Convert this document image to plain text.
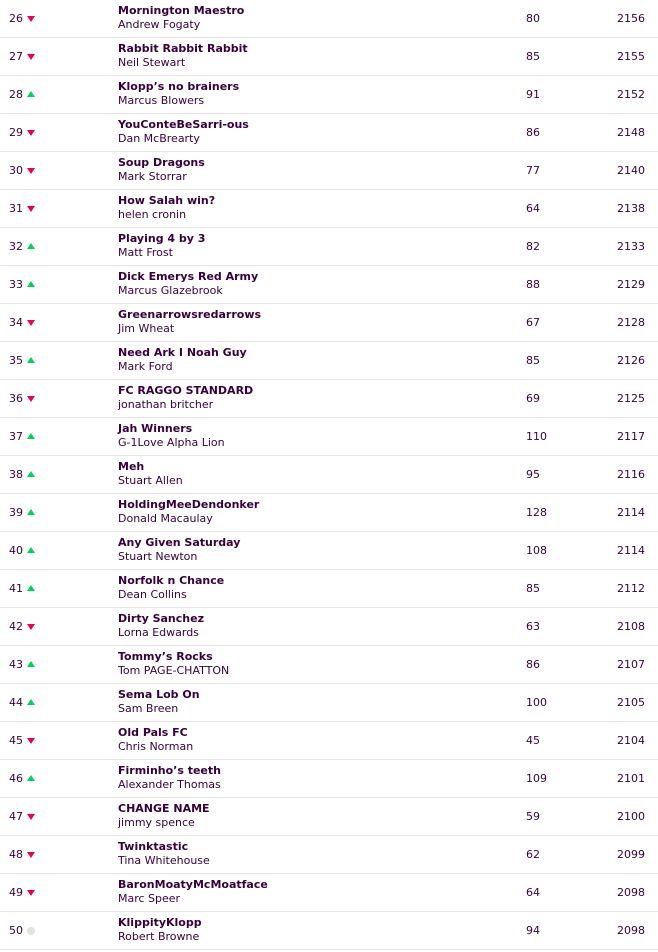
26
Mornington Maestro
Andrew Fogaty	80	2156
27
Rabbit Rabbit Rabbit
Neil Stewart	85	2155
28
Klopp’s no brainers
Marcus Blowers	91	2152
29
YouConteBeSarri-ous
Dan McBrearty	86	2148
30
Soup Dragons
Mark Storrar	77	2140
31
How Salah win?
helen cronin	64	2138
32
Playing 4 by 3
Matt Frost	82	2133
33
Dick Emerys Red Army
Marcus Glazebrook	88	2129
34
Greenarrowsredarrows
Jim Wheat	67	2128
35
Need Ark I Noah Guy
Mark Ford	85	2126
36
FC RAGGO STANDARD
jonathan britcher	69	2125
37
Jah Winners
G-1Love Alpha Lion	110	2117
38
Meh
Stuart Allen	95	2116
39
HoldingMeeDendonker
Donald Macaulay	128	2114
40
Any Given Saturday
Stuart Newton	108	2114
41
Norfolk n Chance
Dean Collins	85	2112
42
Dirty Sanchez
Lorna Edwards	63	2108
43
Tommy’s Rocks
Tom PAGE-CHATTON	86	2107
44
Sema Lob On
Sam Breen	100	2105
45
Old Pals FC
Chris Norman	45	2104
46
Firminho’s teeth
Alexander Thomas	109	2101
47
CHANGE NAME
jimmy spence	59	2100
48
Twinktastic
Tina Whitehouse	62	2099
49
BaronMoatyMcMoatface
Marc Speer	64	2098
50
KlippityKlopp
Robert Browne	94	2098
